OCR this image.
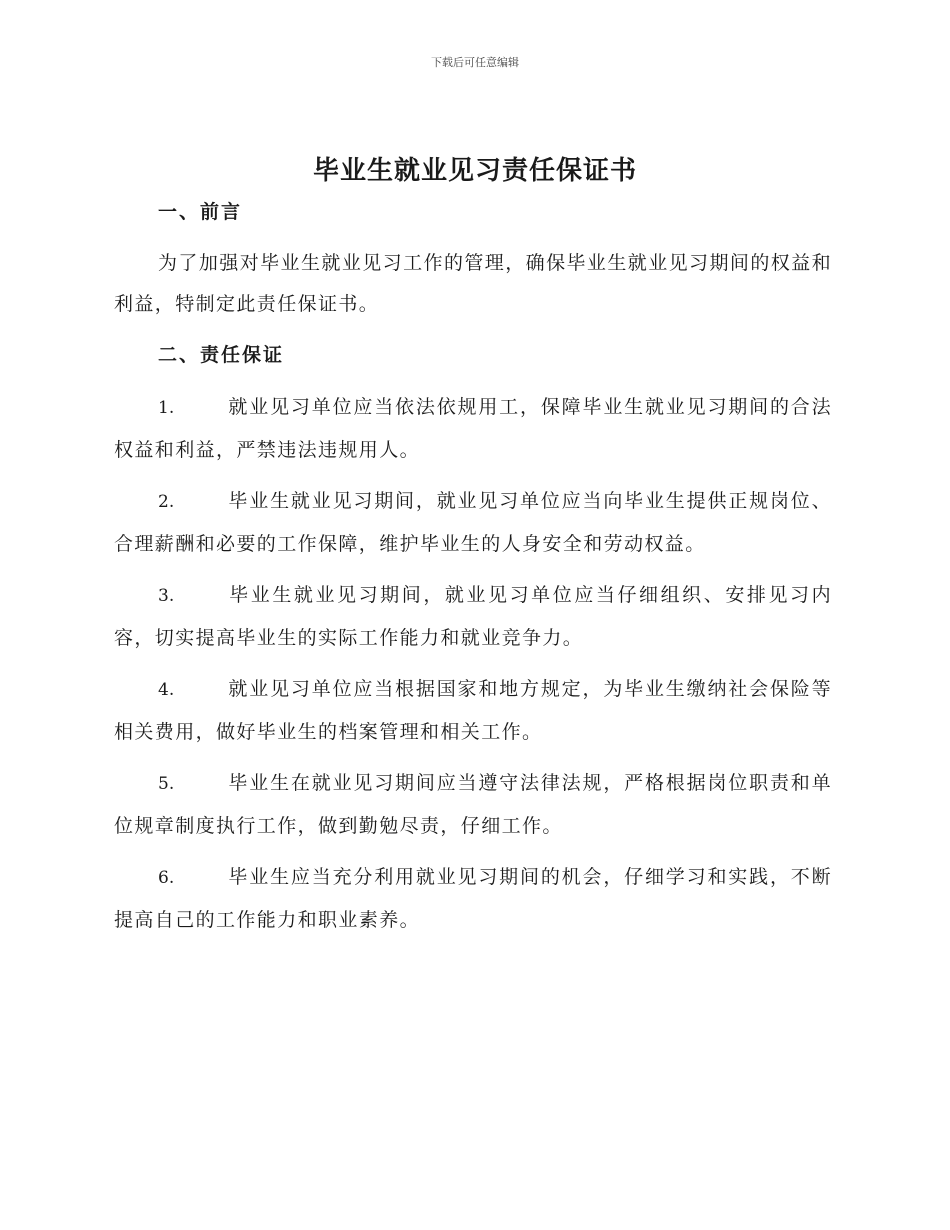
下载后可任意编辑
毕业生就业见习责任保证书
一、前言
为了加强对毕业生就业见习工作的管理，确保毕业生就业见习期间的权益和利益，特制定此责任保证书。
二、责任保证
1.	就业见习单位应当依法依规用工，保障毕业生就业见习期间的合法权益和利益，严禁违法违规用人。
2.	毕业生就业见习期间，就业见习单位应当向毕业生提供正规岗位、合理薪酬和必要的工作保障，维护毕业生的人身安全和劳动权益。
3.	毕业生就业见习期间，就业见习单位应当仔细组织、安排见习内容，切实提高毕业生的实际工作能力和就业竞争力。
4.	就业见习单位应当根据国家和地方规定，为毕业生缴纳社会保险等相关费用，做好毕业生的档案管理和相关工作。
5.	毕业生在就业见习期间应当遵守法律法规，严格根据岗位职责和单位规章制度执行工作，做到勤勉尽责，仔细工作。
6.	毕业生应当充分利用就业见习期间的机会，仔细学习和实践，不断提高自己的工作能力和职业素养。
